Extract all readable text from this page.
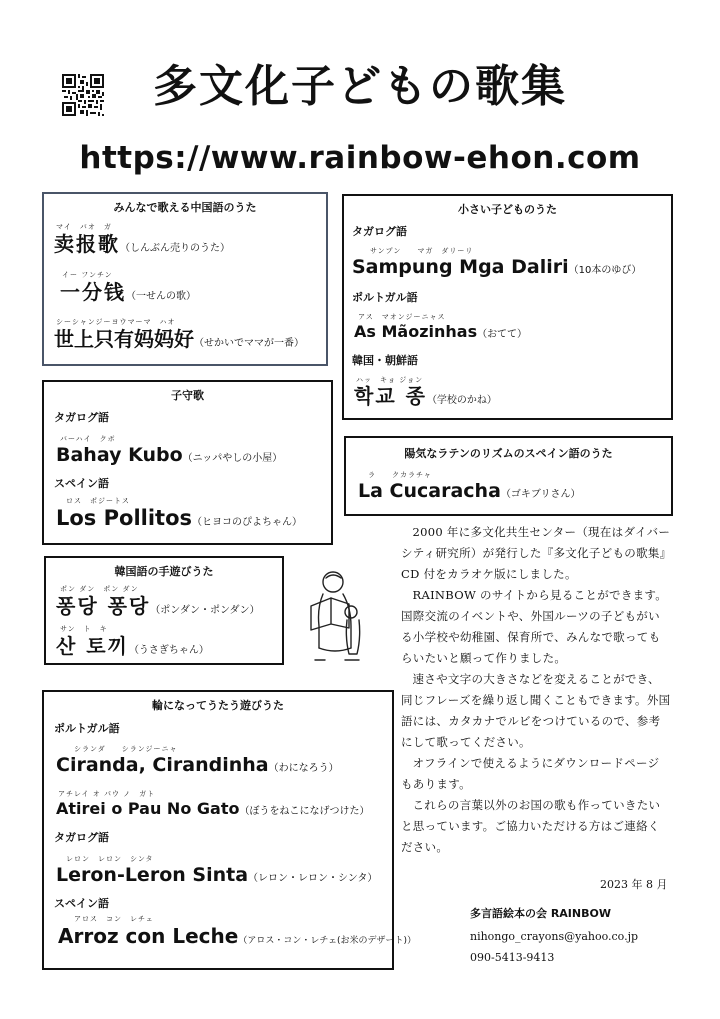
多文化子どもの歌集
https://www.rainbow-ehon.com
みんなで歌える中国語のうた
マイ　バオ　ガ
卖报歌（しんぶん売りのうた）
イー フンチン
一分钱（一せんの歌）
シーシャンジーヨウマーマ　ハオ
世上只有妈妈好（せかいでママが一番）
子守歌
タガログ語
バーハイ　クボ
Bahay Kubo（ニッパやしの小屋）
スペイン語
ロス　ポジートス
Los Pollitos（ヒヨコのぴよちゃん）
韓国語の手遊びうた
ポン ダン　ポン ダン
퐁당 퐁당（ポンダン・ポンダン）
サン　ト　キ
산 토끼（うさぎちゃん）
輪になってうたう遊びうた
ポルトガル語
シランダ　　シランジーニャ
Ciranda, Cirandinha（わになろう）
アチレイ オ パウ ノ　ガト
Atirei o Pau No Gato（ぼうをねこになげつけた）
タガログ語
レロン　レロン　シンタ
Leron-Leron Sinta（レロン・レロン・シンタ）
スペイン語
アロス　コン　レチェ
Arroz con Leche（アロス・コン・レチェ(お米のデザート)）
小さい子どものうた
タガログ語
サンプン　　マガ　ダリーリ
Sampung Mga Daliri（10本のゆび）
ポルトガル語
アス　マオンジーニャス
As Mãozinhas（おてて）
韓国・朝鮮語
ハッ　キョ ジョン
학교 종（学校のかね）
陽気なラテンのリズムのスペイン語のうた
ラ　　クカラチャ
La Cucaracha（ゴキブリさん）

2000 年に多文化共生センター（現在はダイバーシティ研究所）が発行した『多文化子どもの歌集』CD 付をカラオケ版にしました。

RAINBOW のサイトから見ることができます。国際交流のイベントや、外国ルーツの子どもがいる小学校や幼稚園、保育所で、みんなで歌ってもらいたいと願って作りました。

速さや文字の大きさなどを変えることができ、同じフレーズを繰り返し聞くこともできます。外国語には、カタカナでルビをつけているので、参考にして歌ってください。

オフラインで使えるようにダウンロードページもあります。

これらの言葉以外のお国の歌も作っていきたいと思っています。ご協力いただける方はご連絡ください。

2023 年 8 月
多言語絵本の会 RAINBOW
nihongo_crayons@yahoo.co.jp
090-5413-9413
